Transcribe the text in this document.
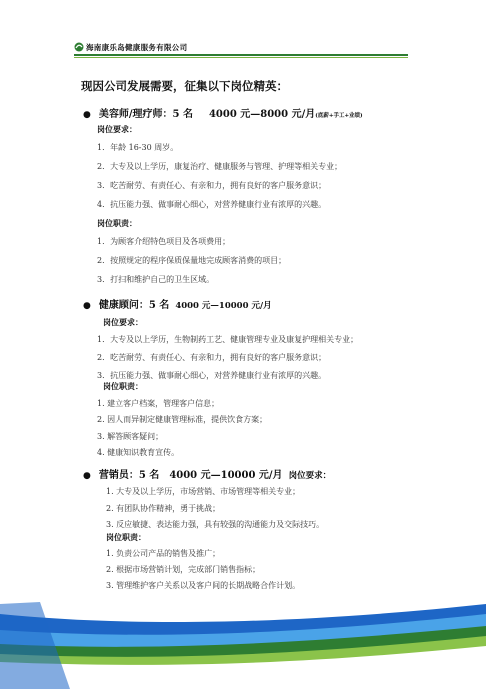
海南康乐岛健康服务有限公司
现因公司发展需要，征集以下岗位精英：
● 美容师/理疗师：5 名 4000 元—8000 元/月(底薪+手工+业绩)
岗位要求：
1．年龄 16-30 周岁。
2．大专及以上学历，康复治疗、健康服务与管理、护理等相关专业；
3．吃苦耐劳、有责任心、有亲和力，拥有良好的客户服务意识；
4．抗压能力强、做事耐心细心，对营养健康行业有浓厚的兴趣。
岗位职责：
1．为顾客介绍特色项目及各项费用；
2．按照规定的程序保质保量地完成顾客消费的项目；
3．打扫和维护自己的卫生区域。
● 健康顾问：5 名 4000 元—10000 元/月
岗位要求：
1．大专及以上学历，生物制药工艺、健康管理专业及康复护理相关专业；
2．吃苦耐劳、有责任心、有亲和力，拥有良好的客户服务意识；
3．抗压能力强、做事耐心细心，对营养健康行业有浓厚的兴趣。
岗位职责：
1. 建立客户档案，管理客户信息；
2. 因人而异制定健康管理标准，提供饮食方案；
3. 解答顾客疑问；
4. 健康知识教育宣传。
● 营销员：5 名 4000 元—10000 元/月 岗位要求：
1. 大专及以上学历，市场营销、市场管理等相关专业；
2. 有团队协作精神，勇于挑战；
3. 反应敏捷、表达能力强，具有较强的沟通能力及交际技巧。
岗位职责：
1. 负责公司产品的销售及推广；
2. 根据市场营销计划，完成部门销售指标；
3. 管理维护客户关系以及客户间的长期战略合作计划。
